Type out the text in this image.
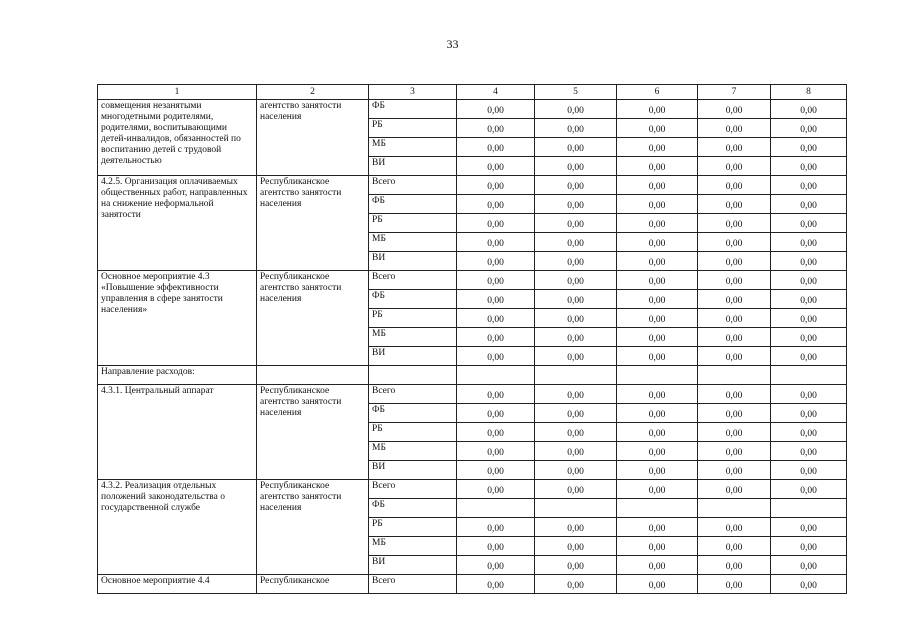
33
1	2	3	4	5	6	7	8
совмещения незанятыми многодетными родителями, родителями, воспитывающими детей-инвалидов, обязанностей по воспитанию детей с трудовой деятельностью	агентство занятости населения	ФБ	0,00	0,00	0,00	0,00	0,00
		РБ	0,00	0,00	0,00	0,00	0,00
		МБ	0,00	0,00	0,00	0,00	0,00
		ВИ	0,00	0,00	0,00	0,00	0,00
4.2.5. Организация оплачиваемых общественных работ, направленных на снижение неформальной занятости	Республиканское агентство занятости населения	Всего	0,00	0,00	0,00	0,00	0,00
		ФБ	0,00	0,00	0,00	0,00	0,00
		РБ	0,00	0,00	0,00	0,00	0,00
		МБ	0,00	0,00	0,00	0,00	0,00
		ВИ	0,00	0,00	0,00	0,00	0,00
Основное мероприятие 4.3 «Повышение эффективности управления в сфере занятости населения»	Республиканское агентство занятости населения	Всего	0,00	0,00	0,00	0,00	0,00
		ФБ	0,00	0,00	0,00	0,00	0,00
		РБ	0,00	0,00	0,00	0,00	0,00
		МБ	0,00	0,00	0,00	0,00	0,00
		ВИ	0,00	0,00	0,00	0,00	0,00
Направление расходов:							
4.3.1. Центральный аппарат	Республиканское агентство занятости населения	Всего	0,00	0,00	0,00	0,00	0,00
		ФБ	0,00	0,00	0,00	0,00	0,00
		РБ	0,00	0,00	0,00	0,00	0,00
		МБ	0,00	0,00	0,00	0,00	0,00
		ВИ	0,00	0,00	0,00	0,00	0,00
4.3.2. Реализация отдельных положений законодательства о государственной службе	Республиканское агентство занятости населения	Всего	0,00	0,00	0,00	0,00	0,00
		ФБ					
		РБ	0,00	0,00	0,00	0,00	0,00
		МБ	0,00	0,00	0,00	0,00	0,00
		ВИ	0,00	0,00	0,00	0,00	0,00
Основное мероприятие 4.4	Республиканское	Всего	0,00	0,00	0,00	0,00	0,00
